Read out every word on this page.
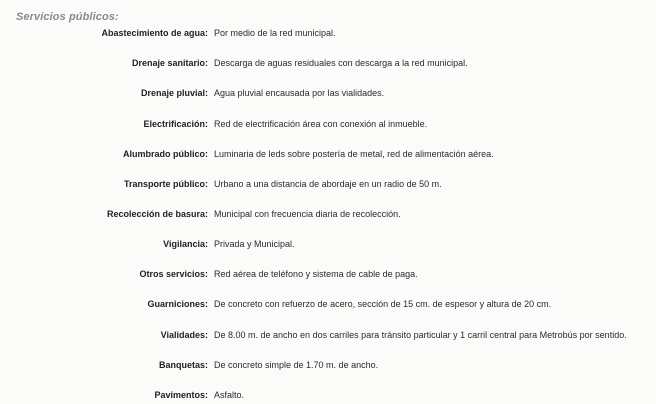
Servicios públicos:
Abastecimiento de agua: Por medio de la red municipal.
Drenaje sanitario: Descarga de aguas residuales con descarga a la red municipal.
Drenaje pluvial: Agua pluvial encausada por las vialidades.
Electrificación: Red de electrificación área con conexión al inmueble.
Alumbrado público: Luminaria de leds sobre postería de metal, red de alimentación aérea.
Transporte público: Urbano a una distancia de abordaje en un radio de 50 m.
Recolección de basura: Municipal con frecuencia diaria de recolección.
Vigilancia: Privada y Municipal.
Otros servicios: Red aérea de teléfono y sistema de cable de paga.
Guarniciones: De concreto con refuerzo de acero, sección de 15 cm. de espesor y altura de 20 cm.
Vialidades: De 8.00 m. de ancho en dos carriles para tránsito particular y 1 carril central para Metrobús por sentido.
Banquetas: De concreto simple de 1.70 m. de ancho.
Pavimentos: Asfalto.
